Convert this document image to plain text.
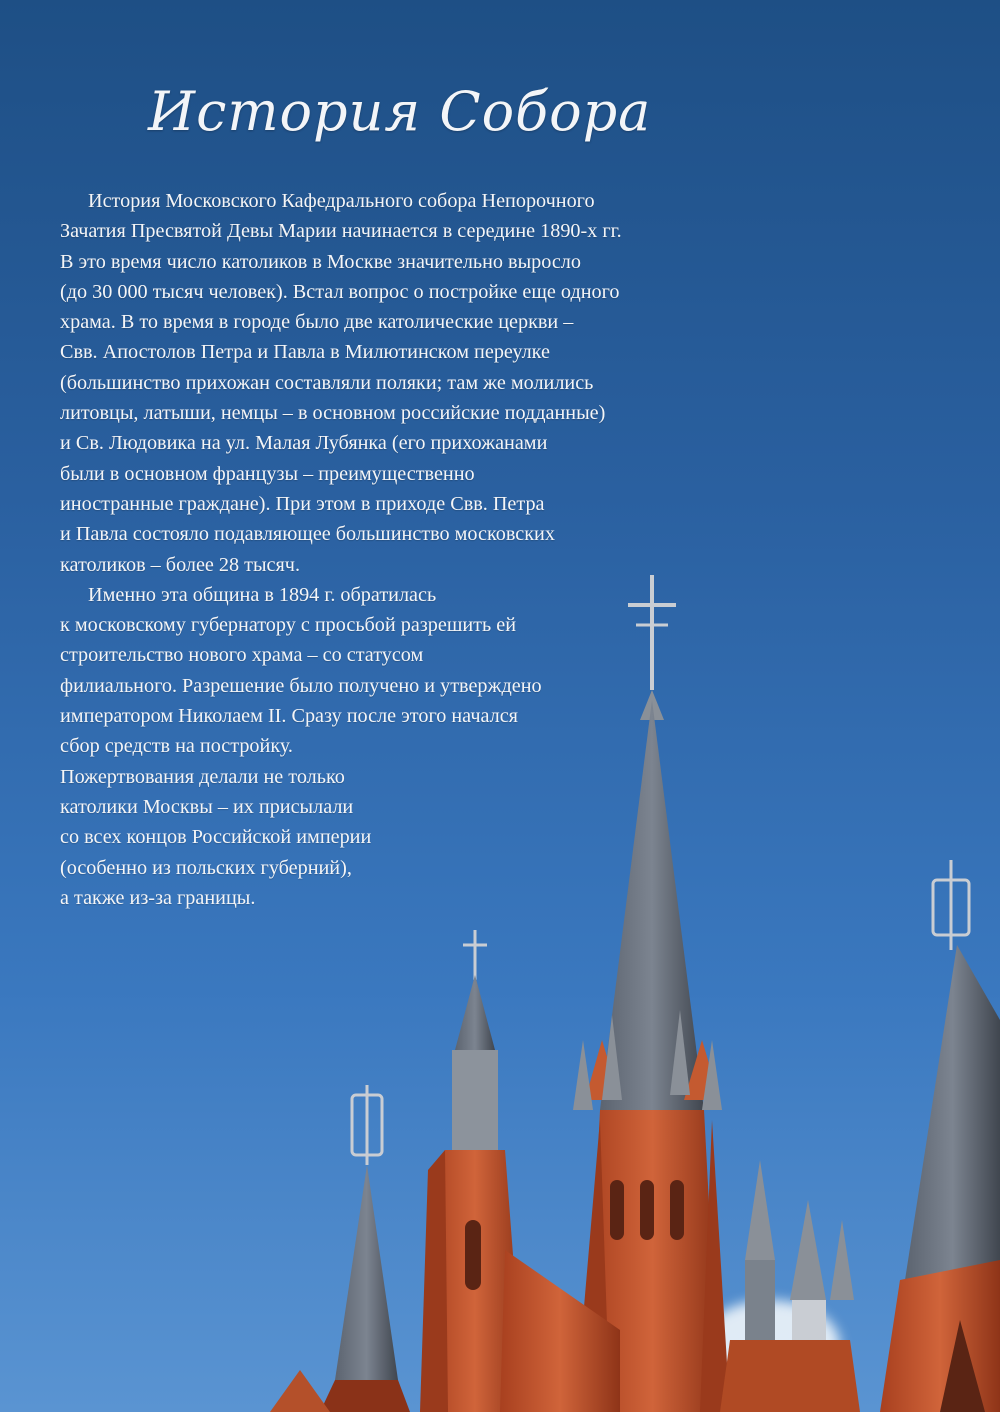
История Собора
История Московского Кафедрального собора Непорочного
Зачатия Пресвятой Девы Марии начинается в середине 1890-х гг.
В это время число католиков в Москве значительно выросло
(до 30 000 тысяч человек). Встал вопрос о постройке еще одного
храма. В то время в городе было две католические церкви –
Свв. Апостолов Петра и Павла в Милютинском переулке
(большинство прихожан составляли поляки; там же молились
литовцы, латыши, немцы – в основном российские подданные)
и Св. Людовика на ул. Малая Лубянка (его прихожанами
были в основном французы – преимущественно
иностранные граждане). При этом в приходе Свв. Петра
и Павла состояло подавляющее большинство московских
католиков – более 28 тысяч.
Именно эта община в 1894 г. обратилась
к московскому губернатору с просьбой разрешить ей
строительство нового храма – со статусом
филиального. Разрешение было получено и утверждено
императором Николаем II. Сразу после этого начался
сбор средств на постройку.
Пожертвования делали не только
католики Москвы – их присылали
со всех концов Российской империи
(особенно из польских губерний),
а также из-за границы.
